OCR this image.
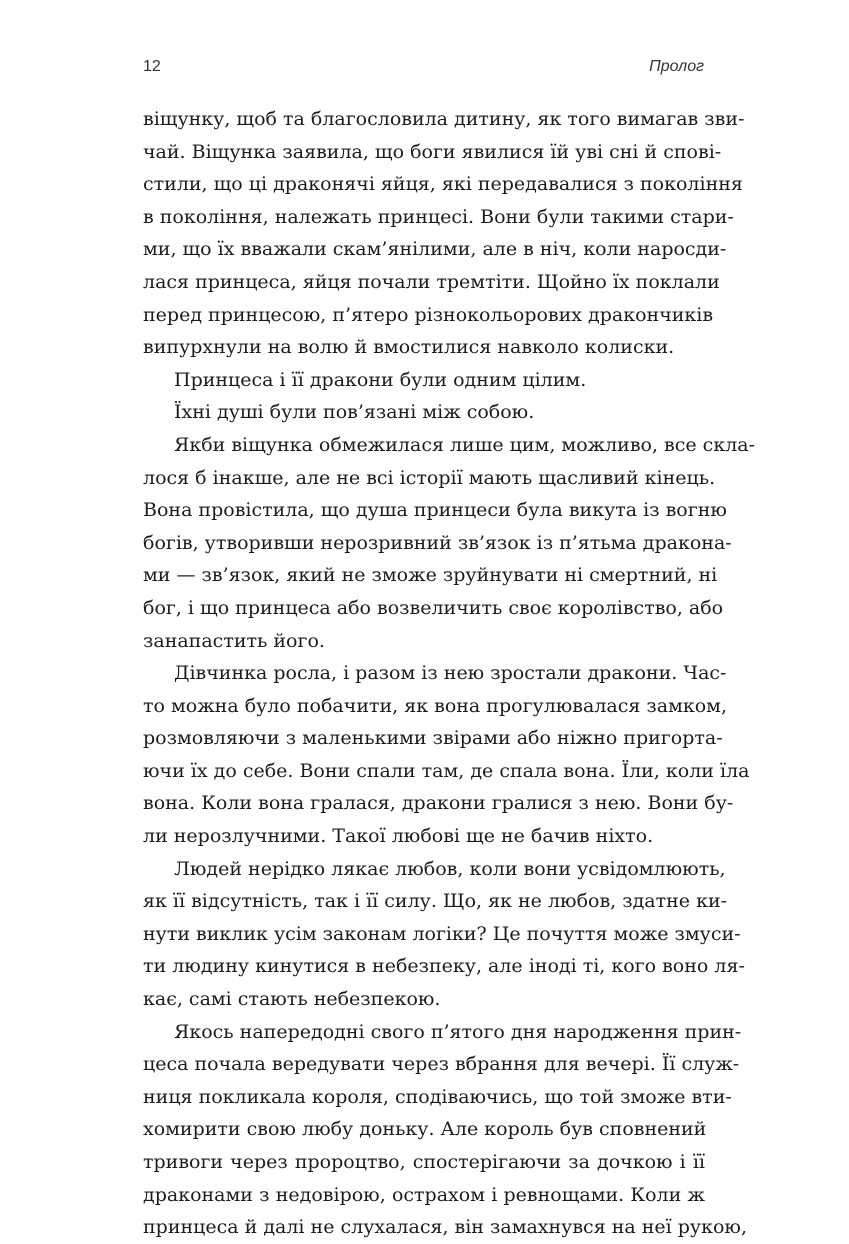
12	Пролог
віщунку, щоб та благословила дитину, як того вимагав зви-
чай. Віщунка заявила, що боги явилися їй уві сні й сповi-
стили, що ці драконячі яйця, які передавалися з покоління
в покоління, належать принцесі. Вони були такими стари-
ми, що їх вважали скам’янілими, але в ніч, коли наросди-
лася принцеса, яйця почали тремтіти. Щойно їх поклали
перед принцесою, п’ятеро різнокольорових дракончиків
випурхнули на волю й вмостилися навколо колиски.
Принцеса і її дракони були одним цілим.
Їхні душі були пов’язані між собою.
Якби віщунка обмежилася лише цим, можливо, все скла-
лося б інакше, але не всі історії мають щасливий кінець.
Вона провістила, що душа принцеси була викута із вогню
богів, утворивши нерозривний зв’язок із п’ятьма дракона-
ми — зв’язок, який не зможе зруйнувати ні смертний, ні
бог, і що принцеса або возвеличить своє королівство, або
занапастить його.
Дівчинка росла, і разом із нею зростали дракони. Час-
то можна було побачити, як вона прогулювалася замком,
розмовляючи з маленькими звірами або ніжно пригорта-
ючи їх до себе. Вони спали там, де спала вона. Їли, коли їла
вона. Коли вона гралася, дракони гралися з нею. Вони бу-
ли нерозлучними. Такої любові ще не бачив ніхто.
Людей нерідко лякає любов, коли вони усвідомлюють,
як її відсутність, так і її силу. Що, як не любов, здатне ки-
нути виклик усім законам логіки? Це почуття може змуси-
ти людину кинутися в небезпеку, але іноді ті, кого воно ля-
кає, самі стають небезпекою.
Якось напередодні свого п’ятого дня народження прин-
цеса почала вередувати через вбрання для вечері. Її служ-
ниця покликала короля, сподіваючись, що той зможе вти-
хомирити свою любу доньку. Але король був сповнений
тривоги через пророцтво, спостерігаючи за дочкою і її
драконами з недовірою, острахом і ревнощами. Коли ж
принцеса й далі не слухалася, він замахнувся на неї рукою,
